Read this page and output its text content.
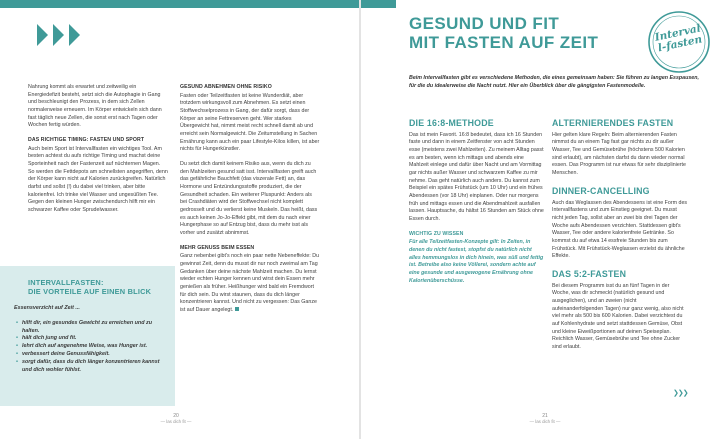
Nahrung kommt als erwartet und zeitweilig ein Energiedefizit besteht, setzt sich die Autophagie in Gang und beschleunigt den Prozess, in dem sich Zellen normalerweise erneuern. Im Körper entwickeln sich dann fast täglich neue Zellen, die sonst erst nach Tagen oder Wochen fertig würden.

DAS RICHTIGE TIMING: FASTEN UND SPORT

Auch beim Sport ist Intervallfasten ein wichtiges Tool. Am besten achtest du aufs richtige Timing und machst deine Sporteinheit nach der Fastenzeit auf nüchternen Magen. So werden die Fettdepots am schnellsten angegriffen, denn der Körper kann nicht auf Kalorien zurückgreifen. Natürlich darfst und sollst (!) du dabei viel trinken, aber bitte kalorienfrei. Ich trinke viel Wasser und ungesüßten Tee. Gegen den kleinen Hunger zwischendurch hilft mir ein schwarzer Kaffee oder Sprudelwasser.

GESUND ABNEHMEN OHNE RISIKO

Fasten oder Teilzeitfasten ist keine Wunderdiät, aber trotzdem wirkungsvoll zum Abnehmen. Es setzt einen Stoffwechselprozess in Gang, der dafür sorgt, dass der Körper an seine Fettreserven geht. Wer starkes Übergewicht hat, nimmt meist recht schnell damit ab und erreicht sein Normalgewicht. Die Zeitumstellung in Sachen Ernährung kann auch ein paar Lifestyle-Kilos killen, ist aber nichts für Hungerkünstler.

Du setzt dich damit keinem Risiko aus, wenn du dich zu den Mahlzeiten gesund satt isst. Intervallfasten greift auch das gefährliche Bauchfett (das viszerale Fett) an, das Hormone und Entzündungsstoffe produziert, die der Gesundheit schaden. Ein weiterer Pluspunkt: Anders als bei Crashdiäten wird der Stoffwechsel nicht komplett gedrosselt und du verlierst keine Muskeln. Das heißt, dass es auch keinen Jo-Jo-Effekt gibt, mit dem du nach einer Hungerphase so auf Entzug bist, dass du mehr isst als vorher und zusätzt abnimmst.

MEHR GENUSS BEIM ESSEN

Ganz nebenbei gibt's noch ein paar nette Nebeneffekte: Du gewinnst Zeit, denn du musst dir nur noch zweimal am Tag Gedanken über deine nächste Mahlzeit machen. Du lernst wieder echten Hunger kennen und wirst dein Essen mehr genießen als früher. Heißhunger wird bald ein Fremdwort für dich sein. Du wirst staunen, dass du dich länger konzentrieren kannst. Und nicht zu vergessen: Das Ganze ist auf Dauer angelegt.

INTERVALLFASTEN:
DIE VORTEILE AUF EINEN BLICK
Essensverzicht auf Zeit ...
• hilft dir, ein gesundes Gewicht zu erreichen und zu halten.
• hält dich jung und fit.
• lehrt dich auf angenehme Weise, was Hunger ist.
• verbessert deine Genussfähigkeit.
• sorgt dafür, dass du dich länger konzentrieren kannst und dich wohler fühlst.
20
— las dich fit —
GESUND UND FIT
MIT FASTEN AUF ZEIT	Intervall-fasten
Beim Intervallfasten gibt es verschiedene Methoden, die eines gemeinsam haben: Sie führen zu langen Esspausen, für die du idealerweise die Nacht nutzt. Hier ein Überblick über die gängigsten Fastenmodelle.
DIE 16:8-METHODE

Das ist mein Favorit. 16:8 bedeutet, dass ich 16 Stunden faste und dann in einem Zeitfenster von acht Stunden esse (meistens zwei Mahlzeiten). Zu meinem Alltag passt es am besten, wenn ich mittags und abends eine Mahlzeit einlege und dafür über Nacht und am Vormittag gar nichts außer Wasser und schwarzem Kaffee zu mir nehme. Das geht natürlich auch anders. Du kannst zum Beispiel ein spätes Frühstück (um 10 Uhr) und ein frühes Abendessen (vor 18 Uhr) einplanen. Oder nur morgens früh und mittags essen und die Abendmahlzeit ausfallen lassen. Hauptsache, du hältst 16 Stunden am Stück ohne Essen durch.

WICHTIG ZU WISSEN

Für alle Teilzeitfasten-Konzepte gilt: In Zeiten, in denen du nicht fastest, stopfst du natürlich nicht alles hemmungslos in dich hinein, was süß und fettig ist. Betreibe also keine Völlerei, sondern achte auf eine gesunde und ausgewogene Ernährung ohne Kalorienüberschüsse.

ALTERNIERENDES FASTEN

Hier gelten klare Regeln: Beim alternierenden Fasten nimmst du an einem Tag fast gar nichts zu dir außer Wasser, Tee und Gemüsebrühe (höchstens 500 Kalorien sind erlaubt), am nächsten darfst du dann wieder normal essen. Das Programm ist nur etwas für sehr disziplinierte Menschen.

DINNER-CANCELLING

Auch das Weglassen des Abendessens ist eine Form des Intervallfastens und zum Einstieg geeignet. Du musst nicht jeden Tag, sollst aber an zwei bis drei Tagen der Woche aufs Abendessen verzichten. Stattdessen gibt's Wasser, Tee oder andere kalorienfreie Getränke. So kommst du auf etwa 14 essfreie Stunden bis zum Frühstück. Mit Frühstück-Weglassen erzielst du ähnliche Effekte.

DAS 5:2-FASTEN

Bei diesem Programm isst du an fünf Tagen in der Woche, was dir schmeckt (natürlich gesund und ausgeglichen), und an zweien (nicht aufeinanderfolgenden Tagen) nur ganz wenig, also nicht viel mehr als 500 bis 600 Kalorien. Dabei verzichtest du auf Kohlenhydrate und setzt stattdessen Gemüse, Obst und kleine Eiweißportionen auf deinen Speiseplan. Reichlich Wasser, Gemüsebrühe und Tee ohne Zucker sind erlaubt.

❯❯❯
21
— las dich fit —
